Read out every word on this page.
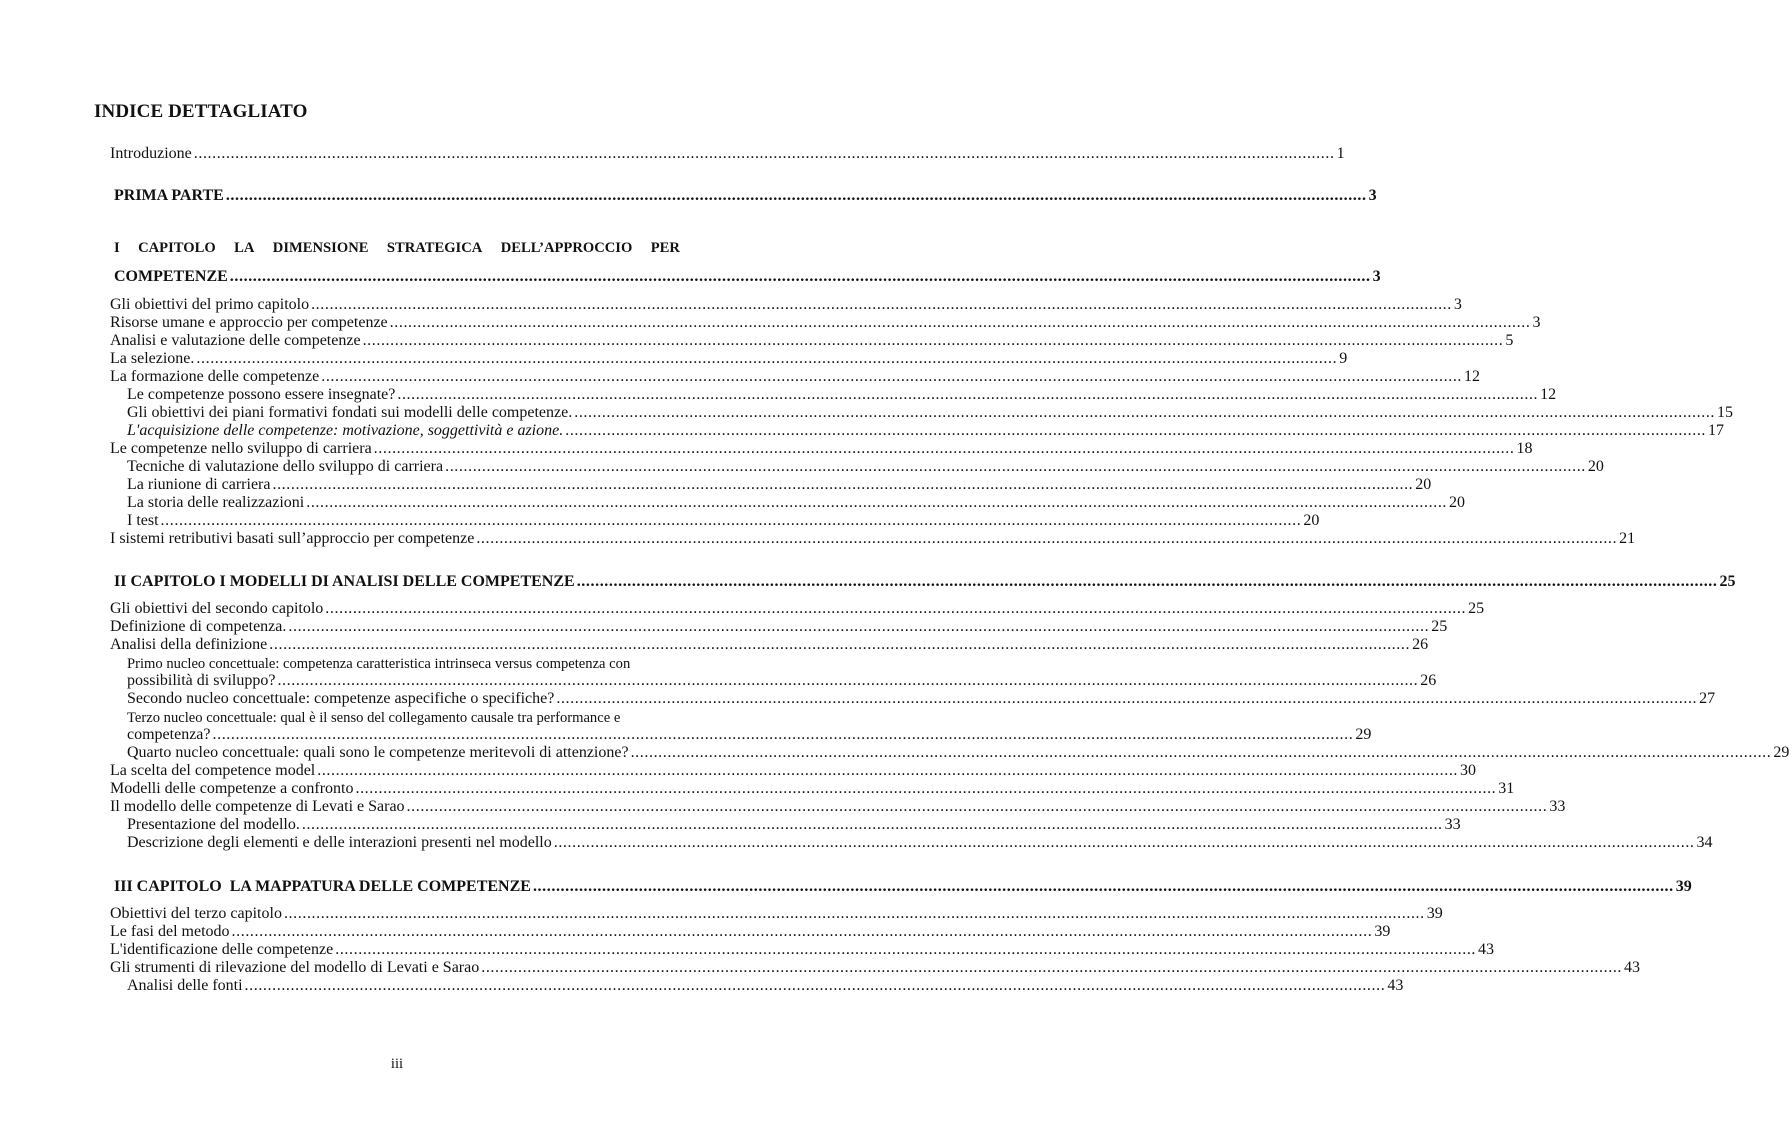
INDICE DETTAGLIATO
Introduzione .....	1
PRIMA PARTE .....	3
I CAPITOLO LA DIMENSIONE STRATEGICA DELL’APPROCCIO PER
COMPETENZE .....	3
Gli obiettivi del primo capitolo .....	3
Risorse umane e approccio per competenze .....	3
Analisi e valutazione delle competenze .....	5
La selezione. .....	9
La formazione delle competenze .....	12
Le competenze possono essere insegnate? .....	12
Gli obiettivi dei piani formativi fondati sui modelli delle competenze. .....	15
L'acquisizione delle competenze: motivazione, soggettività e azione. .....	17
Le competenze nello sviluppo di carriera .....	18
Tecniche di valutazione dello sviluppo di carriera .....	20
La riunione di carriera .....	20
La storia delle realizzazioni .....	20
I test .....	20
I sistemi retributivi basati sull’approccio per competenze .....	21
II CAPITOLO I MODELLI DI ANALISI DELLE COMPETENZE .....	25
Gli obiettivi del secondo capitolo .....	25
Definizione di competenza. .....	25
Analisi della definizione .....	26
Primo nucleo concettuale: competenza caratteristica intrinseca versus competenza con
possibilità di sviluppo? .....	26
Secondo nucleo concettuale: competenze aspecifiche o specifiche? .....	27
Terzo nucleo concettuale: qual è il senso del collegamento causale tra performance e
competenza? .....	29
Quarto nucleo concettuale: quali sono le competenze meritevoli di attenzione? .....	29
La scelta del competence model .....	30
Modelli delle competenze a confronto .....	31
Il modello delle competenze di Levati e Sarao .....	33
Presentazione del modello. .....	33
Descrizione degli elementi e delle interazioni presenti nel modello .....	34
III CAPITOLO  LA MAPPATURA DELLE COMPETENZE .....	39
Obiettivi del terzo capitolo .....	39
Le fasi del metodo .....	39
L'identificazione delle competenze .....	43
Gli strumenti di rilevazione del modello di Levati e Sarao .....	43
Analisi delle fonti .....	43
iii
